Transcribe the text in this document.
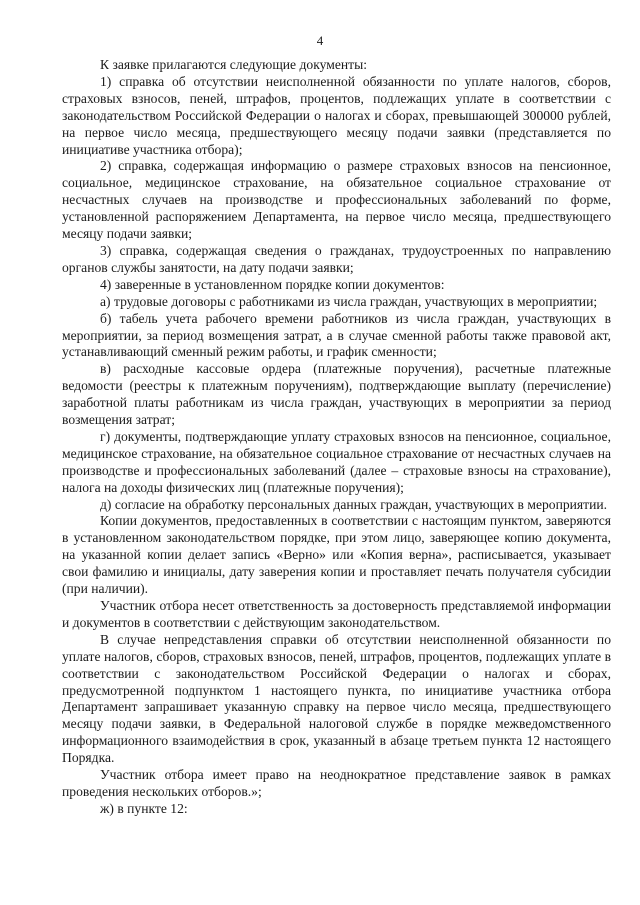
4

К заявке прилагаются следующие документы:

1) справка об отсутствии неисполненной обязанности по уплате налогов, сборов, страховых взносов, пеней, штрафов, процентов, подлежащих уплате в соответствии с законодательством Российской Федерации о налогах и сборах, превышающей 300000 рублей, на первое число месяца, предшествующего месяцу подачи заявки (представляется по инициативе участника отбора);

2) справка, содержащая информацию о размере страховых взносов на пенсионное, социальное, медицинское страхование, на обязательное социальное страхование от несчастных случаев на производстве и профессиональных заболеваний по форме, установленной распоряжением Департамента, на первое число месяца, предшествующего месяцу подачи заявки;

3) справка, содержащая сведения о гражданах, трудоустроенных по направлению органов службы занятости, на дату подачи заявки;

4) заверенные в установленном порядке копии документов:

а) трудовые договоры с работниками из числа граждан, участвующих в мероприятии;

б) табель учета рабочего времени работников из числа граждан, участвующих в мероприятии, за период возмещения затрат, а в случае сменной работы также правовой акт, устанавливающий сменный режим работы, и график сменности;

в) расходные кассовые ордера (платежные поручения), расчетные платежные ведомости (реестры к платежным поручениям), подтверждающие выплату (перечисление) заработной платы работникам из числа граждан, участвующих в мероприятии за период возмещения затрат;

г) документы, подтверждающие уплату страховых взносов на пенсионное, социальное, медицинское страхование, на обязательное социальное страхование от несчастных случаев на производстве и профессиональных заболеваний (далее – страховые взносы на страхование), налога на доходы физических лиц (платежные поручения);

д) согласие на обработку персональных данных граждан, участвующих в мероприятии.

Копии документов, предоставленных в соответствии с настоящим пунктом, заверяются в установленном законодательством порядке, при этом лицо, заверяющее копию документа, на указанной копии делает запись «Верно» или «Копия верна», расписывается, указывает свои фамилию и инициалы, дату заверения копии и проставляет печать получателя субсидии (при наличии).

Участник отбора несет ответственность за достоверность представляемой информации и документов в соответствии с действующим законодательством.

В случае непредставления справки об отсутствии неисполненной обязанности по уплате налогов, сборов, страховых взносов, пеней, штрафов, процентов, подлежащих уплате в соответствии с законодательством Российской Федерации о налогах и сборах, предусмотренной подпунктом 1 настоящего пункта, по инициативе участника отбора Департамент запрашивает указанную справку на первое число месяца, предшествующего месяцу подачи заявки, в Федеральной налоговой службе в порядке межведомственного информационного взаимодействия в срок, указанный в абзаце третьем пункта 12 настоящего Порядка.

Участник отбора имеет право на неоднократное представление заявок в рамках проведения нескольких отборов.»;

ж) в пункте 12:
